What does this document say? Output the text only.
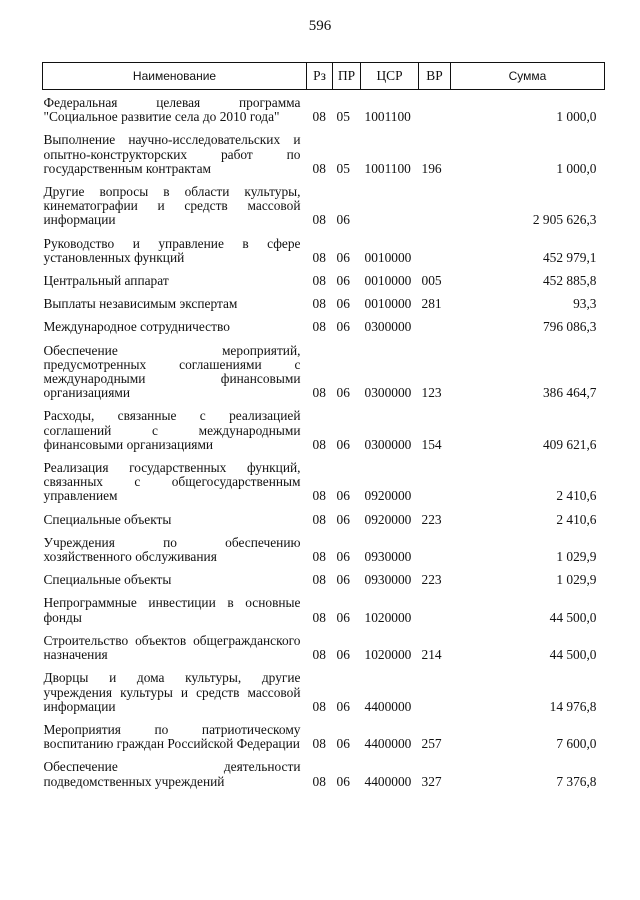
596
Наименование	Рз	ПР	ЦСР	ВР	Сумма
Федеральная целевая программа "Социальное развитие села до 2010 года"	08	05	1001100		1 000,0
Выполнение научно-исследовательских и опытно-конструкторских работ по государственным контрактам	08	05	1001100	196	1 000,0
Другие вопросы в области культуры, кинематографии и средств массовой информации	08	06			2 905 626,3
Руководство и управление в сфере установленных функций	08	06	0010000		452 979,1
Центральный аппарат	08	06	0010000	005	452 885,8
Выплаты независимым экспертам	08	06	0010000	281	93,3
Международное сотрудничество	08	06	0300000		796 086,3
Обеспечение мероприятий, предусмотренных соглашениями с международными финансовыми организациями	08	06	0300000	123	386 464,7
Расходы, связанные с реализацией соглашений с международными финансовыми организациями	08	06	0300000	154	409 621,6
Реализация государственных функций, связанных с общегосударственным управлением	08	06	0920000		2 410,6
Специальные объекты	08	06	0920000	223	2 410,6
Учреждения по обеспечению хозяйственного обслуживания	08	06	0930000		1 029,9
Специальные объекты	08	06	0930000	223	1 029,9
Непрограммные инвестиции в основные фонды	08	06	1020000		44 500,0
Строительство объектов общегражданского назначения	08	06	1020000	214	44 500,0
Дворцы и дома культуры, другие учреждения культуры и средств массовой информации	08	06	4400000		14 976,8
Мероприятия по патриотическому воспитанию граждан Российской Федерации	08	06	4400000	257	7 600,0
Обеспечение деятельности подведомственных учреждений	08	06	4400000	327	7 376,8
